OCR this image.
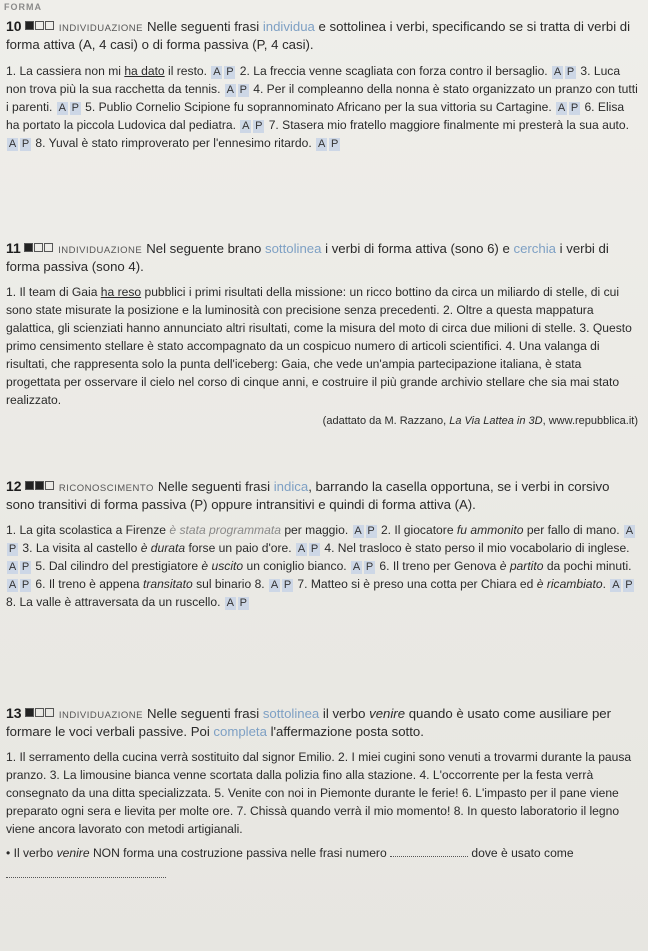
FORMA
10	INDIVIDUAZIONE Nelle seguenti frasi individua e sottolinea i verbi, specificando se si tratta di verbi di forma attiva (A, 4 casi) o di forma passiva (P, 4 casi).
1. La cassiera non mi ha dato il resto. A P 2. La freccia venne scagliata con forza contro il bersaglio. A P 3. Luca non trova più la sua racchetta da tennis. A P 4. Per il compleanno della nonna è stato organizzato un pranzo con tutti i parenti. A P 5. Publio Cornelio Scipione fu soprannominato Africano per la sua vittoria su Cartagine. A P 6. Elisa ha portato la piccola Ludovica dal pediatra. A P 7. Stasera mio fratello maggiore finalmente mi presterà la sua auto. A P 8. Yuval è stato rimproverato per l'ennesimo ritardo. A P
11	INDIVIDUAZIONE Nel seguente brano sottolinea i verbi di forma attiva (sono 6) e cerchia i verbi di forma passiva (sono 4).
1. Il team di Gaia ha reso pubblici i primi risultati della missione: un ricco bottino da circa un miliardo di stelle, di cui sono state misurate la posizione e la luminosità con precisione senza precedenti. 2. Oltre a questa mappatura galattica, gli scienziati hanno annunciato altri risultati, come la misura del moto di circa due milioni di stelle. 3. Questo primo censimento stellare è stato accompagnato da un cospicuo numero di articoli scientifici. 4. Una valanga di risultati, che rappresenta solo la punta dell'iceberg: Gaia, che vede un'ampia partecipazione italiana, è stata progettata per osservare il cielo nel corso di cinque anni, e costruire il più grande archivio stellare che sia mai stato realizzato.
(adattato da M. Razzano, La Via Lattea in 3D, www.repubblica.it)
12	RICONOSCIMENTO Nelle seguenti frasi indica, barrando la casella opportuna, se i verbi in corsivo sono transitivi di forma passiva (P) oppure intransitivi e quindi di forma attiva (A).
1. La gita scolastica a Firenze è stata programmata per maggio. A P 2. Il giocatore fu ammonito per fallo di mano. AP 3. La visita al castello è durata forse un paio d'ore. A P 4. Nel trasloco è stato perso il mio vocabolario di inglese. A P 5. Dal cilindro del prestigiatore è uscito un coniglio bianco. A P 6. Il treno per Genova è partito da pochi minuti. A P 6. Il treno è appena transitato sul binario 8. A P 7. Matteo si è preso una cotta per Chiara ed è ricambiato. A P 8. La valle è attraversata da un ruscello. A P
13	INDIVIDUAZIONE Nelle seguenti frasi sottolinea il verbo venire quando è usato come ausiliare per formare le voci verbali passive. Poi completa l'affermazione posta sotto.
1. Il serramento della cucina verrà sostituito dal signor Emilio. 2. I miei cugini sono venuti a trovarmi durante la pausa pranzo. 3. La limousine bianca venne scortata dalla polizia fino alla stazione. 4. L'occorrente per la festa verrà consegnato da una ditta specializzata. 5. Venite con noi in Piemonte durante le ferie! 6. L'impasto per il pane viene preparato ogni sera e lievita per molte ore. 7. Chissà quando verrà il mio momento! 8. In questo laboratorio il legno viene ancora lavorato con metodi artigianali.
• Il verbo venire NON forma una costruzione passiva nelle frasi numero	dove è usato come
